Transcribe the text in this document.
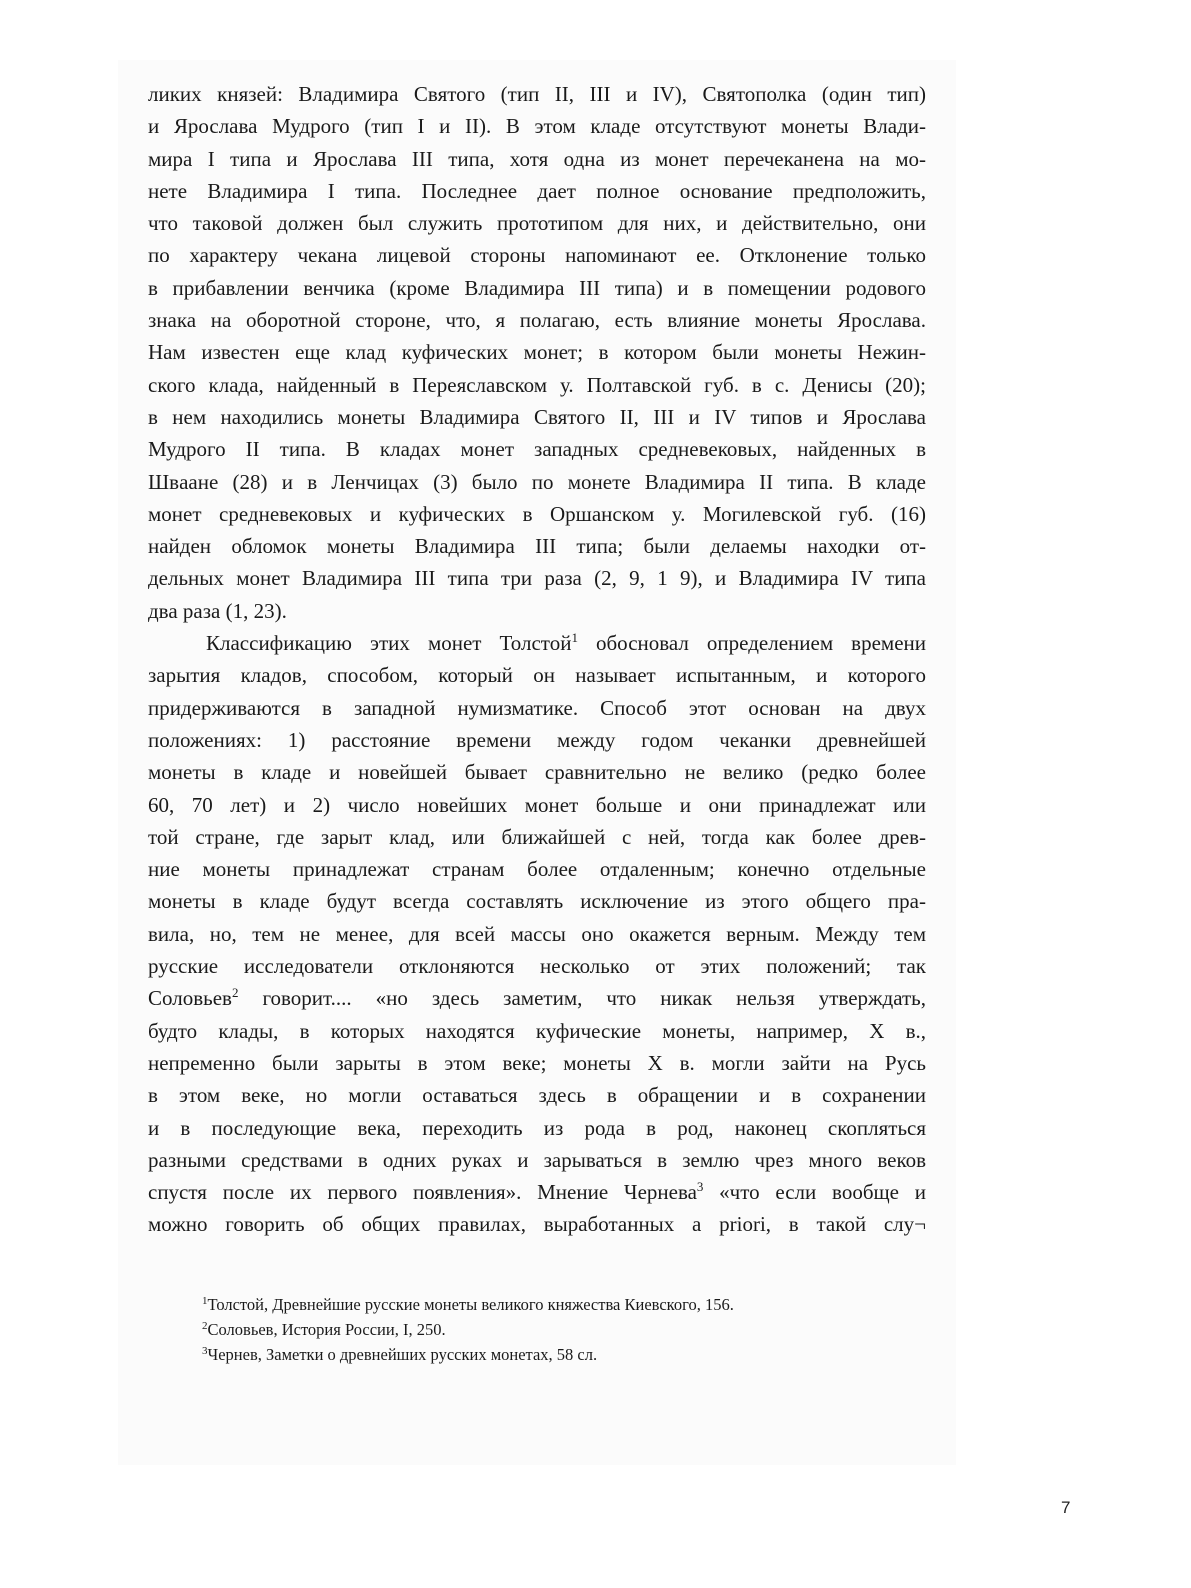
ликих князей: Владимира Святого (тип II, III и IV), Святополка (один тип)
и Ярослава Мудрого (тип I и II). В этом кладе отсутствуют монеты Влади-
мира I типа и Ярослава III типа, хотя одна из монет перечеканена на мо-
нете Владимира I типа. Последнее дает полное основание предположить,
что таковой должен был служить прототипом для них, и действительно, они
по характеру чекана лицевой стороны напоминают ее. Отклонение только
в прибавлении венчика (кроме Владимира III типа) и в помещении родового
знака на оборотной стороне, что, я полагаю, есть влияние монеты Ярослава.
Нам известен еще клад куфических монет; в котором были монеты Нежин-
ского клада, найденный в Переяславском у. Полтавской губ. в с. Денисы (20);
в нем находились монеты Владимира Святого II, III и IV типов и Ярослава
Мудрого II типа. В кладах монет западных средневековых, найденных в
Швaане (28) и в Ленчицах (3) было по монете Владимира II типа. В кладе
монет средневековых и куфических в Оршанском у. Могилевской губ. (16)
найден обломок монеты Владимира III типа; были делаемы находки от-
дельных монет Владимира III типа три раза (2, 9, 1 9), и Владимира IV типа
два раза (1, 23).
Классификацию этих монет Толстой$^1$ обосновал определением времени
зарытия кладов, способом, который он называет испытанным, и которого
придерживаются в западной нумизматике. Способ этот основан на двух
положениях: 1) расстояние времени между годом чеканки древнейшей
монеты в кладе и новейшей бывает сравнительно не велико (редко более
60, 70 лет) и 2) число новейших монет больше и они принадлежат или
той стране, где зарыт клад, или ближайшей с ней, тогда как более древ-
ние монеты принадлежат странам более отдаленным; конечно отдельные
монеты в кладе будут всегда составлять исключение из этого общего пра-
вила, но, тем не менее, для всей массы оно окажется верным. Между тем
русские исследователи отклоняются несколько от этих положений; так
Соловьев$^2$ говорит.... «но здесь заметим, что никак нельзя утверждать,
будто клады, в которых находятся куфические монеты, например, X в.,
непременно были зарыты в этом веке; монеты X в. могли зайти на Русь
в этом веке, но могли оставаться здесь в обращении и в сохранении
и в последующие века, переходить из рода в род, наконец скопляться
разными средствами в одних руках и зарываться в землю чрез много веков
спустя после их первого появления». Мнение Чернева$^3$ «что если вообще и
можно говорить об общих правилах, выработанных a priori, в такой слу¬
$^1$Толстой, Древнейшие русские монеты великого княжества Киевского, 156.
$^2$Соловьев, История России, I, 250.
$^3$Чернев, Заметки о древнейших русских монетах, 58 сл.
7
